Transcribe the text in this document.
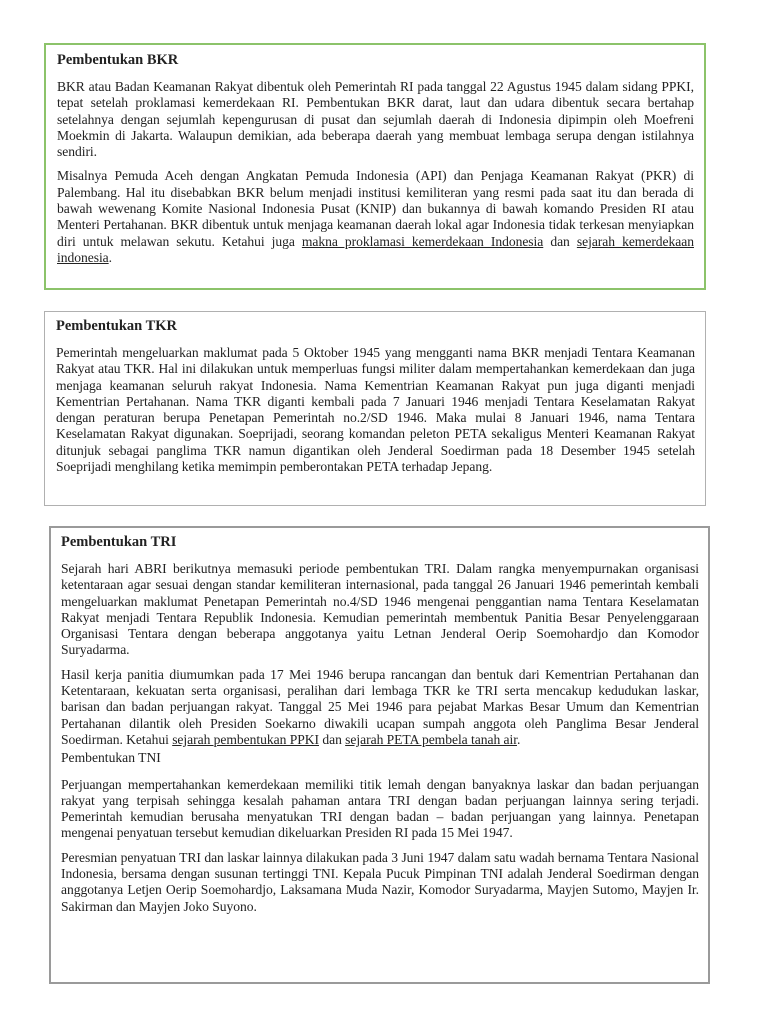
Pembentukan BKR

BKR atau Badan Keamanan Rakyat dibentuk oleh Pemerintah RI pada tanggal 22 Agustus 1945 dalam sidang PPKI, tepat setelah proklamasi kemerdekaan RI. Pembentukan BKR darat, laut dan udara dibentuk secara bertahap setelahnya dengan sejumlah kepengurusan di pusat dan sejumlah daerah di Indonesia dipimpin oleh Moefreni Moekmin di Jakarta. Walaupun demikian, ada beberapa daerah yang membuat lembaga serupa dengan istilahnya sendiri.

Misalnya Pemuda Aceh dengan Angkatan Pemuda Indonesia (API) dan Penjaga Keamanan Rakyat (PKR) di Palembang. Hal itu disebabkan BKR belum menjadi institusi kemiliteran yang resmi pada saat itu dan berada di bawah wewenang Komite Nasional Indonesia Pusat (KNIP) dan bukannya di bawah komando Presiden RI atau Menteri Pertahanan. BKR dibentuk untuk menjaga keamanan daerah lokal agar Indonesia tidak terkesan menyiapkan diri untuk melawan sekutu. Ketahui juga makna proklamasi kemerdekaan Indonesia dan sejarah kemerdekaan indonesia.

Pembentukan TKR

Pemerintah mengeluarkan maklumat pada 5 Oktober 1945 yang mengganti nama BKR menjadi Tentara Keamanan Rakyat atau TKR. Hal ini dilakukan untuk memperluas fungsi militer dalam mempertahankan kemerdekaan dan juga menjaga keamanan seluruh rakyat Indonesia. Nama Kementrian Keamanan Rakyat pun juga diganti menjadi Kementrian Pertahanan. Nama TKR diganti kembali pada 7 Januari 1946 menjadi Tentara Keselamatan Rakyat dengan peraturan berupa Penetapan Pemerintah no.2/SD 1946. Maka mulai 8 Januari 1946, nama Tentara Keselamatan Rakyat digunakan. Soeprijadi, seorang komandan peleton PETA sekaligus Menteri Keamanan Rakyat ditunjuk sebagai panglima TKR namun digantikan oleh Jenderal Soedirman pada 18 Desember 1945 setelah Soeprijadi menghilang ketika memimpin pemberontakan PETA terhadap Jepang.

Pembentukan TRI

Sejarah hari ABRI berikutnya memasuki periode pembentukan TRI. Dalam rangka menyempurnakan organisasi ketentaraan agar sesuai dengan standar kemiliteran internasional, pada tanggal 26 Januari 1946 pemerintah kembali mengeluarkan maklumat Penetapan Pemerintah no.4/SD 1946 mengenai penggantian nama Tentara Keselamatan Rakyat menjadi Tentara Republik Indonesia. Kemudian pemerintah membentuk Panitia Besar Penyelenggaraan Organisasi Tentara dengan beberapa anggotanya yaitu Letnan Jenderal Oerip Soemohardjo dan Komodor Suryadarma.

Hasil kerja panitia diumumkan pada 17 Mei 1946 berupa rancangan dan bentuk dari Kementrian Pertahanan dan Ketentaraan, kekuatan serta organisasi, peralihan dari lembaga TKR ke TRI serta mencakup kedudukan laskar, barisan dan badan perjuangan rakyat. Tanggal 25 Mei 1946 para pejabat Markas Besar Umum dan Kementrian Pertahanan dilantik oleh Presiden Soekarno diwakili ucapan sumpah anggota oleh Panglima Besar Jenderal Soedirman. Ketahui sejarah pembentukan PPKI dan sejarah PETA pembela tanah air.

Pembentukan TNI

Perjuangan mempertahankan kemerdekaan memiliki titik lemah dengan banyaknya laskar dan badan perjuangan rakyat yang terpisah sehingga kesalah pahaman antara TRI dengan badan perjuangan lainnya sering terjadi. Pemerintah kemudian berusaha menyatukan TRI dengan badan – badan perjuangan yang lainnya. Penetapan mengenai penyatuan tersebut kemudian dikeluarkan Presiden RI pada 15 Mei 1947.

Peresmian penyatuan TRI dan laskar lainnya dilakukan pada 3 Juni 1947 dalam satu wadah bernama Tentara Nasional Indonesia, bersama dengan susunan tertinggi TNI. Kepala Pucuk Pimpinan TNI adalah Jenderal Soedirman dengan anggotanya Letjen Oerip Soemohardjo, Laksamana Muda Nazir, Komodor Suryadarma, Mayjen Sutomo, Mayjen Ir. Sakirman dan Mayjen Joko Suyono.
